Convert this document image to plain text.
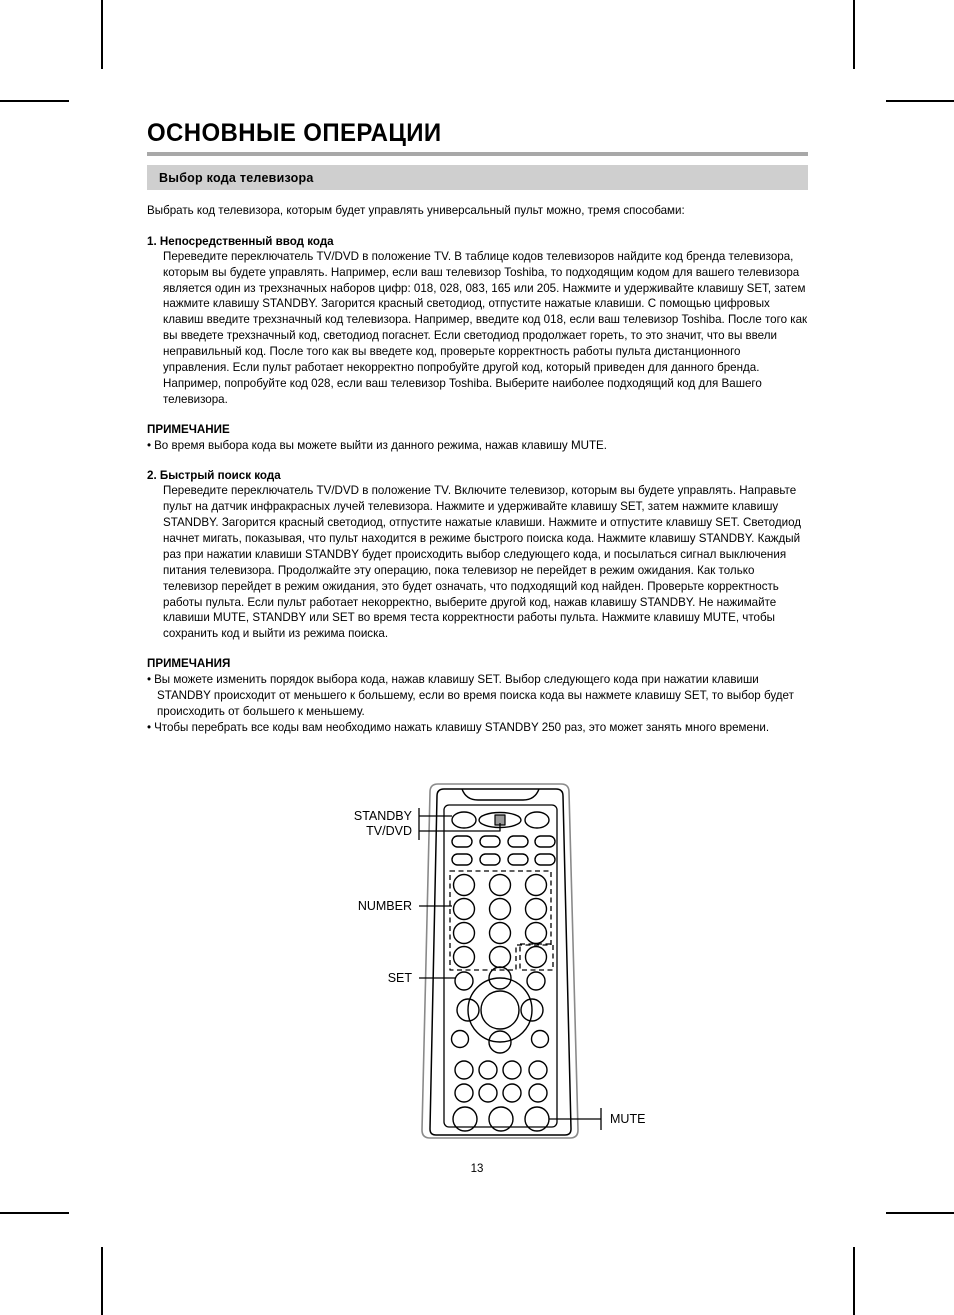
ОСНОВНЫЕ ОПЕРАЦИИ
Выбор кода телевизора

Выбрать код телевизора, которым будет управлять универсальный пульт можно, тремя способами:

1. Непосредственный ввод кода
Переведите переключатель TV/DVD в положение TV. В таблице кодов телевизоров найдите код бренда телевизора, которым вы будете управлять. Например, если ваш телевизор Toshiba, то подходящим кодом для вашего телевизора является один из трехзначных наборов цифр: 018, 028, 083, 165 или 205. Нажмите и удерживайте клавишу SET, затем нажмите клавишу STANDBY. Загорится красный светодиод, отпустите нажатые клавиши. С помощью цифровых клавиш введите трехзначный код телевизора. Например, введите код 018, если ваш телевизор Toshiba. После того как вы введете трехзначный код, светодиод погаснет. Если светодиод продолжает гореть, то это значит, что вы ввели неправильный код. После того как вы введете код, проверьте корректность работы пульта дистанционного управления. Если пульт работает некорректно попробуйте другой код, который приведен для данного бренда. Например, попробуйте код 028, если ваш телевизор Toshiba. Выберите наиболее подходящий код для Вашего телевизора.
ПРИМЕЧАНИЕ
• Во время выбора кода вы можете выйти из данного режима, нажав клавишу MUTE.
2. Быстрый поиск кода
Переведите переключатель TV/DVD в положение TV. Включите телевизор, которым вы будете управлять. Направьте пульт на датчик инфракрасных лучей телевизора. Нажмите и удерживайте клавишу SET, затем нажмите клавишу STANDBY. Загорится красный светодиод, отпустите нажатые клавиши. Нажмите и отпустите клавишу SET. Светодиод начнет мигать, показывая, что пульт находится в режиме быстрого поиска кода. Нажмите клавишу STANDBY. Каждый раз при нажатии клавиши STANDBY будет происходить выбор следующего кода, и посылаться сигнал выключения питания телевизора. Продолжайте эту операцию, пока телевизор не перейдет в режим ожидания. Как только телевизор перейдет в режим ожидания, это будет означать, что подходящий код найден. Проверьте корректность работы пульта. Если пульт работает некорректно, выберите другой код, нажав клавишу STANDBY. Не нажимайте клавиши MUTE, STANDBY или SET во время теста корректности работы пульта. Нажмите клавишу MUTE, чтобы сохранить код и выйти из режима поиска.
ПРИМЕЧАНИЯ
• Вы можете изменить порядок выбора кода, нажав клавишу SET. Выбор следующего кода при нажатии клавиши STANDBY происходит от меньшего к большему, если во время поиска кода вы нажмете клавишу SET, то выбор будет происходить от большего к меньшему.
• Чтобы перебрать все коды вам необходимо нажать клавишу STANDBY 250 раз, это может занять много времени.
STANDBY
TV/DVD
NUMBER
SET
MUTE
13
